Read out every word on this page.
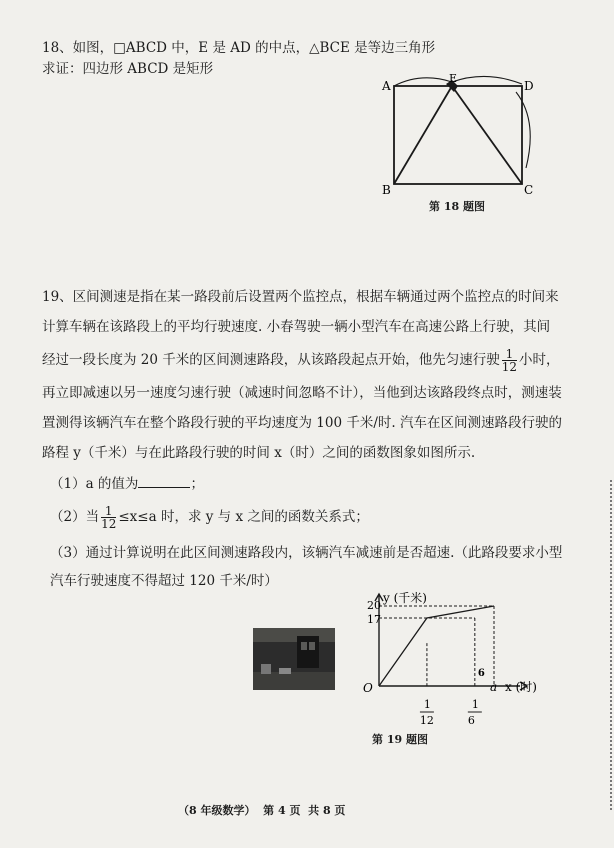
18、如图，□ABCD 中，E 是 AD 的中点，△BCE 是等边三角形
求证：四边形 ABCD 是矩形
A	D
E
B	C
第 18 题图
19、区间测速是指在某一路段前后设置两个监控点，根据车辆通过两个监控点的时间来
计算车辆在该路段上的平均行驶速度. 小春驾驶一辆小型汽车在高速公路上行驶，其间
经过一段长度为 20 千米的区间测速路段，从该路段起点开始，他先匀速行驶 $\frac{1}{12}$ 小时，
再立即减速以另一速度匀速行驶（减速时间忽略不计），当他到达该路段终点时，测速装
置测得该辆汽车在整个路段行驶的平均速度为 100 千米/时. 汽车在区间测速路段行驶的
路程 y（千米）与在此路段行驶的时间 x（时）之间的函数图象如图所示.
（1）a 的值为	；
（2）当 $\frac{1}{12} \le x\le a$ 时，求 y 与 x 之间的函数关系式；
（3）通过计算说明在此区间测速路段内，该辆汽车减速前是否超速.（此路段要求小型
汽车行驶速度不得超过 120 千米/时）
20
17
O
1
12
1
6
a x (时)
y (千米)
6
第 19 题图
（8 年级数学）  第 4 页  共 8 页
